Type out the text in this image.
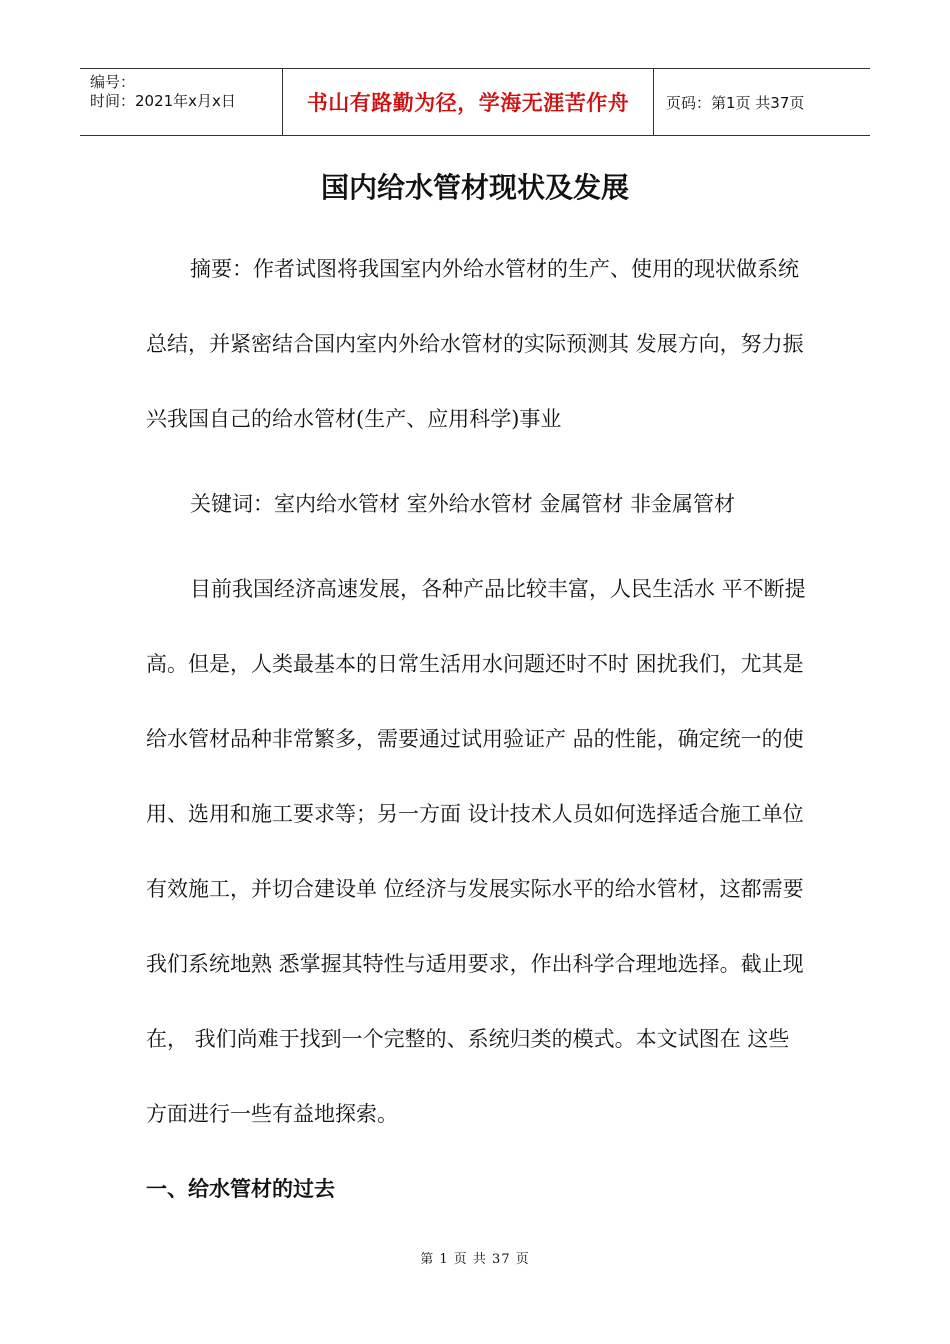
编号：
时间：2021年x月x日	书山有路勤为径，学海无涯苦作舟	页码：第1页 共37页
国内给水管材现状及发展

摘要：作者试图将我国室内外给水管材的生产、使用的现状做系统总结，并紧密结合国内室内外给水管材的实际预测其 发展方向，努力振兴我国自己的给水管材(生产、应用科学)事业

关键词：室内给水管材 室外给水管材 金属管材 非金属管材

目前我国经济高速发展，各种产品比较丰富，人民生活水 平不断提高。但是，人类最基本的日常生活用水问题还时不时 困扰我们，尤其是给水管材品种非常繁多，需要通过试用验证产 品的性能，确定统一的使用、选用和施工要求等；另一方面 设计技术人员如何选择适合施工单位有效施工，并切合建设单 位经济与发展实际水平的给水管材，这都需要我们系统地熟 悉掌握其特性与适用要求，作出科学合理地选择。截止现在， 我们尚难于找到一个完整的、系统归类的模式。本文试图在 这些方面进行一些有益地探索。

一、给水管材的过去

第 1 页 共 37 页
